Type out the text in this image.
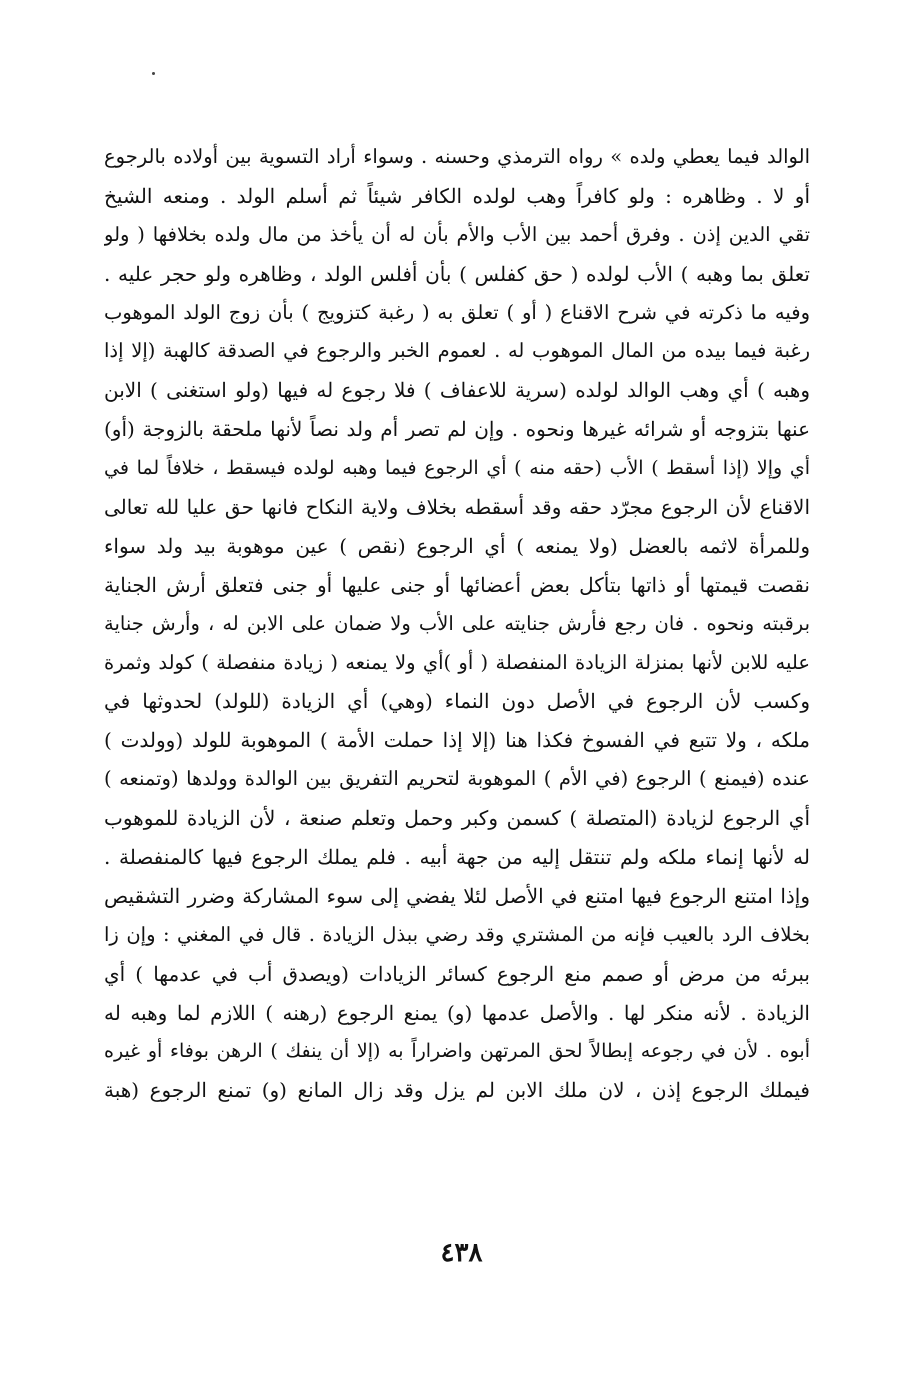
الوالد فيما يعطي ولده » رواه الترمذي وحسنه . وسواء أراد التسوية بين أولاده بالرجوع
أو لا . وظاهره : ولو كافراً وهب لولده الكافر شيئاً ثم أسلم الولد . ومنعه الشيخ
تقي الدين إذن . وفرق أحمد بين الأب والأم بأن له أن يأخذ من مال ولده بخلافها ( ولو
تعلق بما وهبه ) الأب لولده ( حق كفلس ) بأن أفلس الولد ، وظاهره ولو حجر عليه .
وفيه ما ذكرته في شرح الاقناع ( أو ) تعلق به ( رغبة كتزويج ) بأن زوج الولد الموهوب
رغبة فيما بيده من المال الموهوب له . لعموم الخبر والرجوع في الصدقة كالهبة (إلا إذا
وهبه ) أي وهب الوالد لولده (سرية للاعفاف ) فلا رجوع له فيها (ولو استغنى ) الابن
عنها بتزوجه أو شرائه غيرها ونحوه . وإن لم تصر أم ولد نصاً لأنها ملحقة بالزوجة (أو)
أي وإلا (إذا أسقط ) الأب (حقه منه ) أي الرجوع فيما وهبه لولده فيسقط ، خلافاً لما في
الاقناع لأن الرجوع مجرّد حقه وقد أسقطه بخلاف ولاية النكاح فانها حق عليا لله تعالى
وللمرأة لاثمه بالعضل (ولا يمنعه ) أي الرجوع (نقص ) عين موهوبة بيد ولد سواء
نقصت قيمتها أو ذاتها بتأكل بعض أعضائها أو جنى عليها أو جنى فتعلق أرش الجناية
برقبته ونحوه . فان رجع فأرش جنايته على الأب ولا ضمان على الابن له ، وأرش جناية
عليه للابن لأنها بمنزلة الزيادة المنفصلة ( أو )أي ولا يمنعه ( زيادة منفصلة ) كولد وثمرة
وكسب لأن الرجوع في الأصل دون النماء (وهي) أي الزيادة (للولد) لحدوثها في
ملكه ، ولا تتبع في الفسوخ فكذا هنا (إلا إذا حملت الأمة ) الموهوبة للولد (وولدت )
عنده (فيمنع ) الرجوع (في الأم ) الموهوبة لتحريم التفريق بين الوالدة وولدها (وتمنعه )
أي الرجوع لزيادة (المتصلة ) كسمن وكبر وحمل وتعلم صنعة ، لأن الزيادة للموهوب
له لأنها إنماء ملكه ولم تنتقل إليه من جهة أبيه . فلم يملك الرجوع فيها كالمنفصلة .
وإذا امتنع الرجوع فيها امتنع في الأصل لئلا يفضي إلى سوء المشاركة وضرر التشقيص
بخلاف الرد بالعيب فإنه من المشتري وقد رضي ببذل الزيادة . قال في المغني : وإن زا
ببرئه من مرض أو صمم منع الرجوع كسائر الزيادات (ويصدق أب في عدمها ) أي
الزيادة . لأنه منكر لها . والأصل عدمها (و) يمنع الرجوع (رهنه ) اللازم لما وهبه له
أبوه . لأن في رجوعه إبطالاً لحق المرتهن واضراراً به (إلا أن ينفك ) الرهن بوفاء أو غيره
فيملك الرجوع إذن ، لان ملك الابن لم يزل وقد زال المانع (و) تمنع الرجوع (هبة
٤٣٨
